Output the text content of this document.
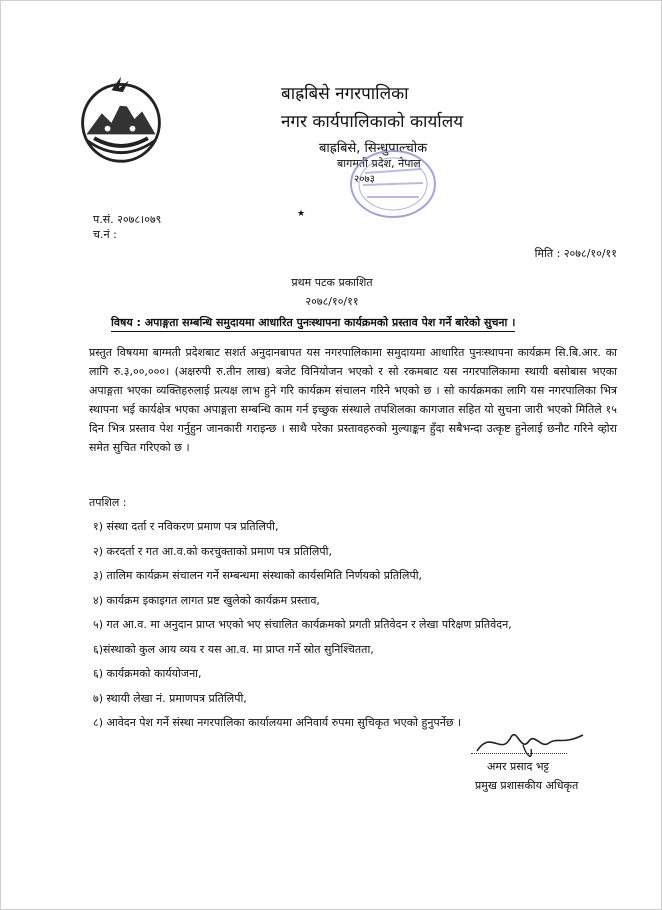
बाह्रबिसे नगरपालिका
नगर कार्यपालिकाको कार्यालय
बाह्रबिसे, सिन्धुपाल्चोक
बागमती प्रदेश, नेपाल
२०७३
प.सं. २०७८।०७९
च.नं :
★
मिति : २०७८/१०/११
प्रथम पटक प्रकाशित
२०७८/१०/११
विषय : अपाङ्गता सम्बन्धि समुदायमा आधारित पुनःस्थापना कार्यक्रमको प्रस्ताव पेश गर्ने बारेको सुचना ।
प्रस्तुत विषयमा बाग्मती प्रदेशबाट सशर्त अनुदानबापत यस नगरपालिकामा समुदायमा आधारित पुनःस्थापना कार्यक्रम सि.बि.आर. का लागि रु.३,००,०००। (अक्षरुपी रु.तीन लाख) बजेट विनियोजन भएको र सो रकमबाट यस नगरपालिकामा स्थायी बसोबास भएका अपाङ्गता भएका व्यक्तिहरुलाई प्रत्यक्ष लाभ हुने गरि कार्यक्रम संचालन गरिने भएको छ । सो कार्यक्रमका लागि यस नगरपालिका भित्र स्थापना भई कार्यक्षेत्र भएका अपाङ्गता सम्बन्धि काम गर्न इच्छुक संस्थाले तपशिलका कागजात सहित यो सुचना जारी भएको मितिले १५ दिन भित्र प्रस्ताव पेश गर्नुहुन जानकारी गराइन्छ । साथै परेका प्रस्तावहरुको मुल्याङ्कन हुँदा सबैभन्दा उत्कृष्ट हुनेलाई छनौट गरिने व्होरा समेत सुचित गरिएको छ ।
तपशिल :
१) संस्था दर्ता र नविकरण प्रमाण पत्र प्रतिलिपी,
२) करदर्ता र गत आ.व.को करचुक्ताको प्रमाण पत्र प्रतिलिपी,
३) तालिम कार्यक्रम संचालन गर्ने सम्बन्धमा संस्थाको कार्यसमिति निर्णयको प्रतिलिपी,
४) कार्यक्रम इकाइगत लागत प्रष्ट खुलेको कार्यक्रम प्रस्ताव,
५) गत आ.व. मा अनुदान प्राप्त भएको भए संचालित कार्यक्रमको प्रगती प्रतिवेदन र लेखा परिक्षण प्रतिवेदन,
६)संस्थाको कुल आय व्यय र यस आ.व. मा प्राप्त गर्ने स्रोत सुनिश्चितता,
६) कार्यक्रमको कार्ययोजना,
७) स्थायी लेखा नं. प्रमाणपत्र प्रतिलिपी,
८) आवेदन पेश गर्ने संस्था नगरपालिका कार्यालयमा अनिवार्य रुपमा सुचिकृत भएको हुनुपर्नेछ ।
अमर प्रसाद भट्ट
प्रमुख प्रशासकीय अधिकृत
